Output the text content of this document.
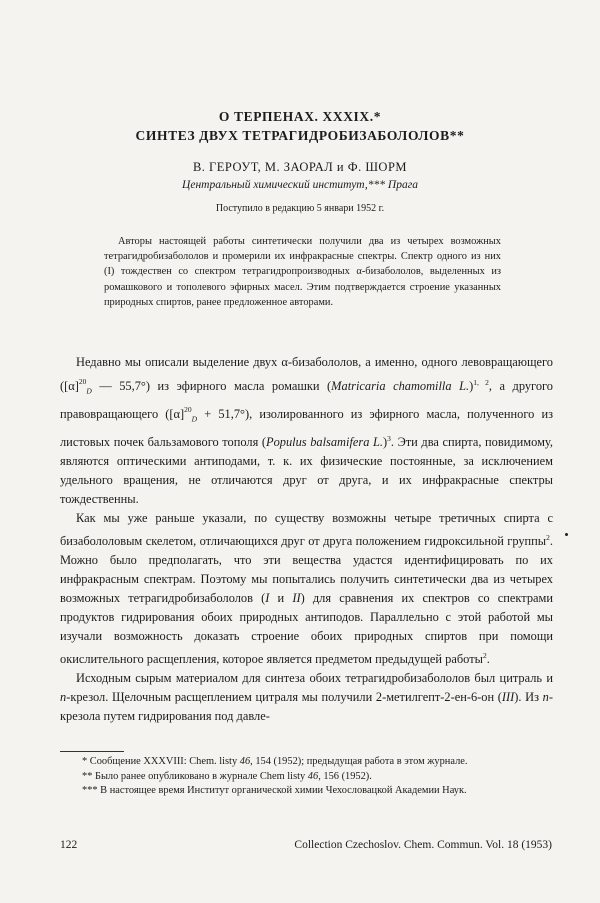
О ТЕРПЕНАХ. XXXIX.*

СИНТЕЗ ДВУХ ТЕТРАГИДРОБИЗАБОЛОЛОВ**

В. ГЕРОУТ, М. ЗАОРАЛ и Ф. ШОРМ

Центральный химический институт,*** Прага

Поступило в редакцию 5 январи 1952 г.

Авторы настоящей работы синтетически получили два из четырех возможных тетрагидробизабололов и промерили их инфракрасные спектры. Спектр одного из них (I) тождествен со спектром тетрагидропроизводных α-бизабололов, выделенных из ромашкового и тополевого эфирных масел. Этим подтверждается строение указанных природных спиртов, ранее предложенное авторами.

Недавно мы описали выделение двух α-бизабололов, а именно, одного левовращающего ($[\alpha]^{20}_D$ — 55,7°) из эфирного масла ромашки (Matricaria chamomilla L.)$^{1, 2}$, а другого правовращающего $([\alpha]^{20}_D + 51,7^\circ)$, изолированного из эфирного масла, полученного из листовых почек бальзамового тополя (Populus balsamifera L.)$^3$. Эти два спирта, повидимому, являются оптическими антиподами, т. к. их физические постоянные, за исключением удельного вращения, не отличаются друг от друга, и их инфракрасные спектры тождественны.

Как мы уже раньше указали, по существу возможны четыре третичных спирта с бизабололовым скелетом, отличающихся друг от друга положением гидроксильной группы$^2$. Можно было предполагать, что эти вещества удастся идентифицировать по их инфракрасным спектрам. Поэтому мы попытались получить синтетически два из четырех возможных тетрагидробизабололов (I и II) для сравнения их спектров со спектрами продуктов гидрирования обоих природных антиподов. Параллельно с этой работой мы изучали возможность доказать строение обоих природных спиртов при помощи окислительного расщепления, которое является предметом предыдущей работы$^2$.

Исходным сырым материалом для синтеза обоих тетрагидробизабололов был цитраль и n-крезол. Щелочным расщеплением цитраля мы получили 2-метилгепт-2-ен-6-он (III). Из n-крезола путем гидрирования под давле-

* Сообщение XXXVIII: Chem. listy 46, 154 (1952); предыдущая работа в этом журнале.

** Было ранее опубликовано в журнале Chem listy 46, 156 (1952).

*** В настоящее время Институт органической химии Чехословацкой Академии Наук.

122	Collection Czechoslov. Chem. Commun. Vol. 18 (1953)
